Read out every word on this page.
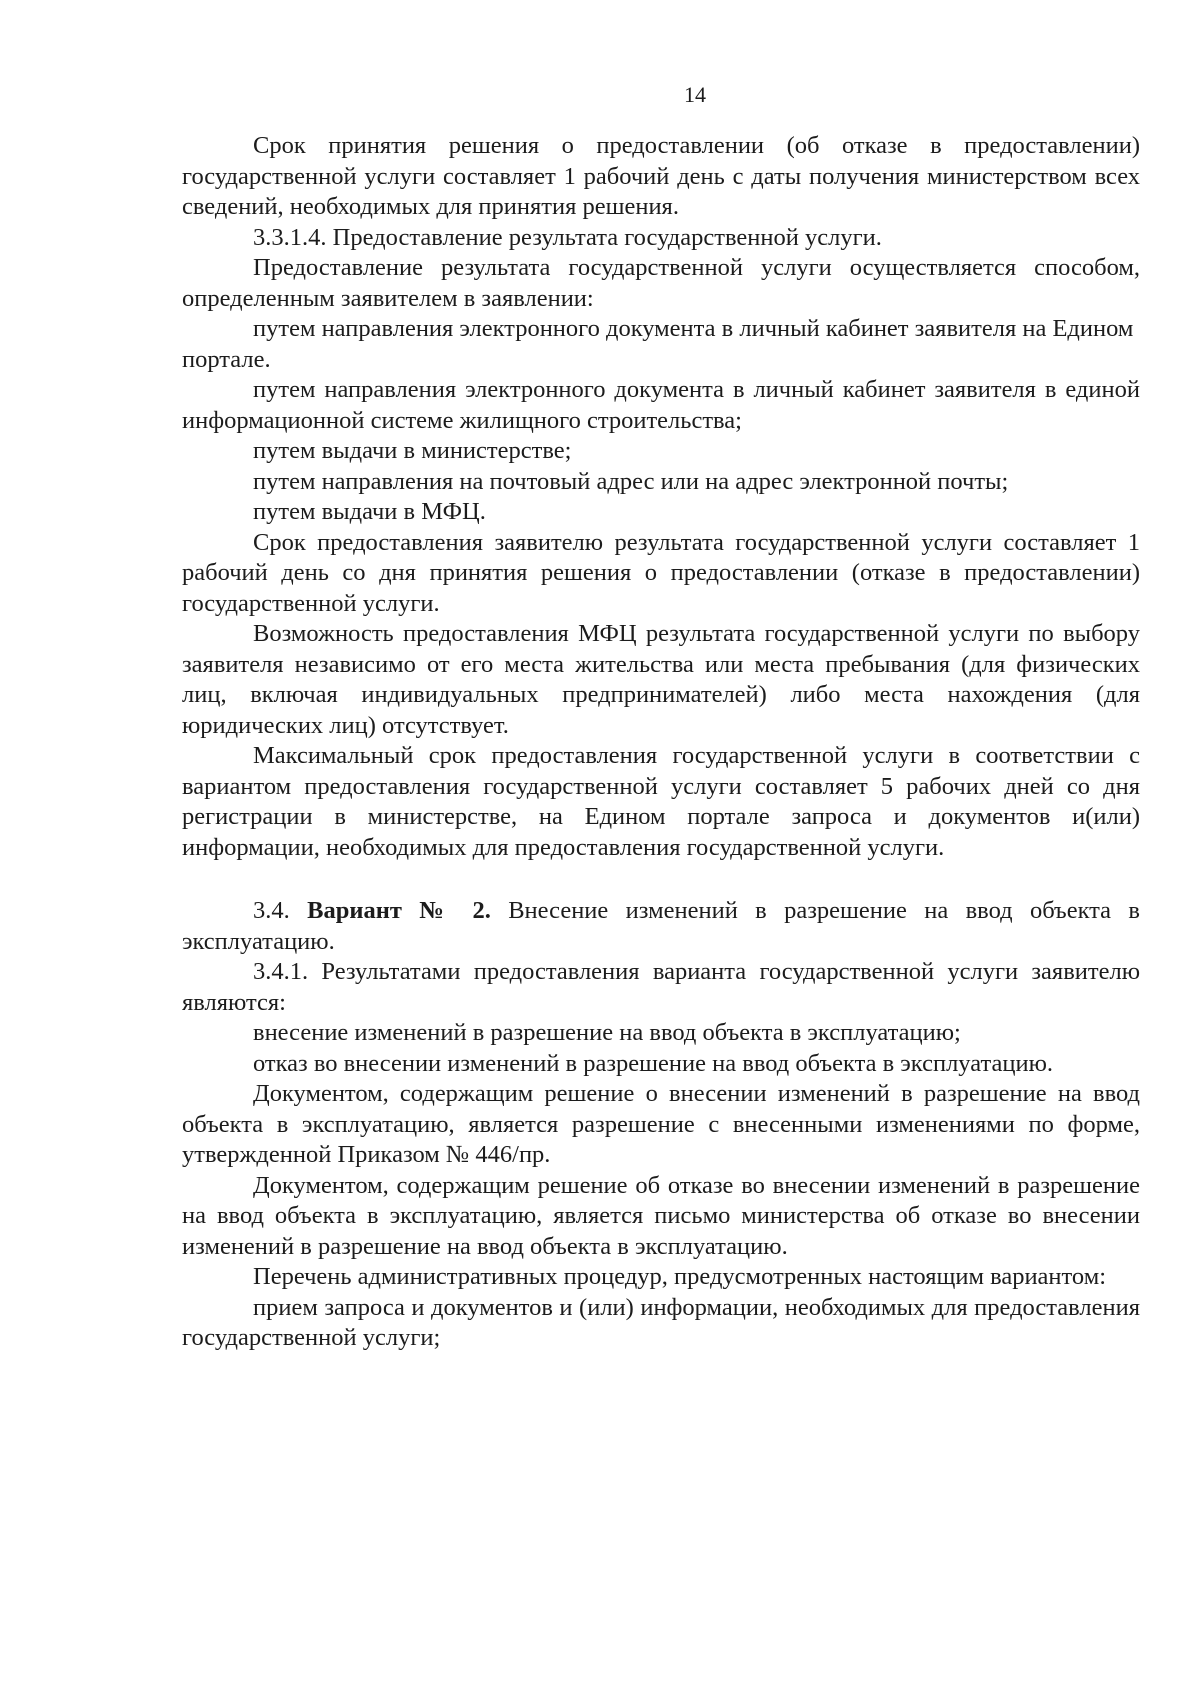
14

Срок принятия решения о предоставлении (об отказе в предоставлении) государственной услуги составляет 1 рабочий день с даты получения министерством всех сведений, необходимых для принятия решения.

3.3.1.4. Предоставление результата государственной услуги.

Предоставление результата государственной услуги осуществляется способом, определенным заявителем в заявлении:

путем направления электронного документа в личный кабинет заявителя на Едином портале.

путем направления электронного документа в личный кабинет заявителя в единой информационной системе жилищного строительства;

путем выдачи в министерстве;

путем направления на почтовый адрес или на адрес электронной почты;

путем выдачи в МФЦ.

Срок предоставления заявителю результата государственной услуги составляет 1 рабочий день со дня принятия решения о предоставлении (отказе в предоставлении) государственной услуги.

Возможность предоставления МФЦ результата государственной услуги по выбору заявителя независимо от его места жительства или места пребывания (для физических лиц, включая индивидуальных предпринимателей) либо места нахождения (для юридических лиц) отсутствует.

Максимальный срок предоставления государственной услуги в соответствии с вариантом предоставления государственной услуги составляет 5 рабочих дней со дня регистрации в министерстве, на Едином портале запроса и документов и(или) информации, необходимых для предоставления государственной услуги.

3.4. Вариант № 2. Внесение изменений в разрешение на ввод объекта в эксплуатацию.

3.4.1. Результатами предоставления варианта государственной услуги заявителю являются:

внесение изменений в разрешение на ввод объекта в эксплуатацию;

отказ во внесении изменений в разрешение на ввод объекта в эксплуатацию.

Документом, содержащим решение о внесении изменений в разрешение на ввод объекта в эксплуатацию, является разрешение с внесенными изменениями по форме, утвержденной Приказом № 446/пр.

Документом, содержащим решение об отказе во внесении изменений в разрешение на ввод объекта в эксплуатацию, является письмо министерства об отказе во внесении изменений в разрешение на ввод объекта в эксплуатацию.

Перечень административных процедур, предусмотренных настоящим вариантом:

прием запроса и документов и (или) информации, необходимых для предоставления государственной услуги;
